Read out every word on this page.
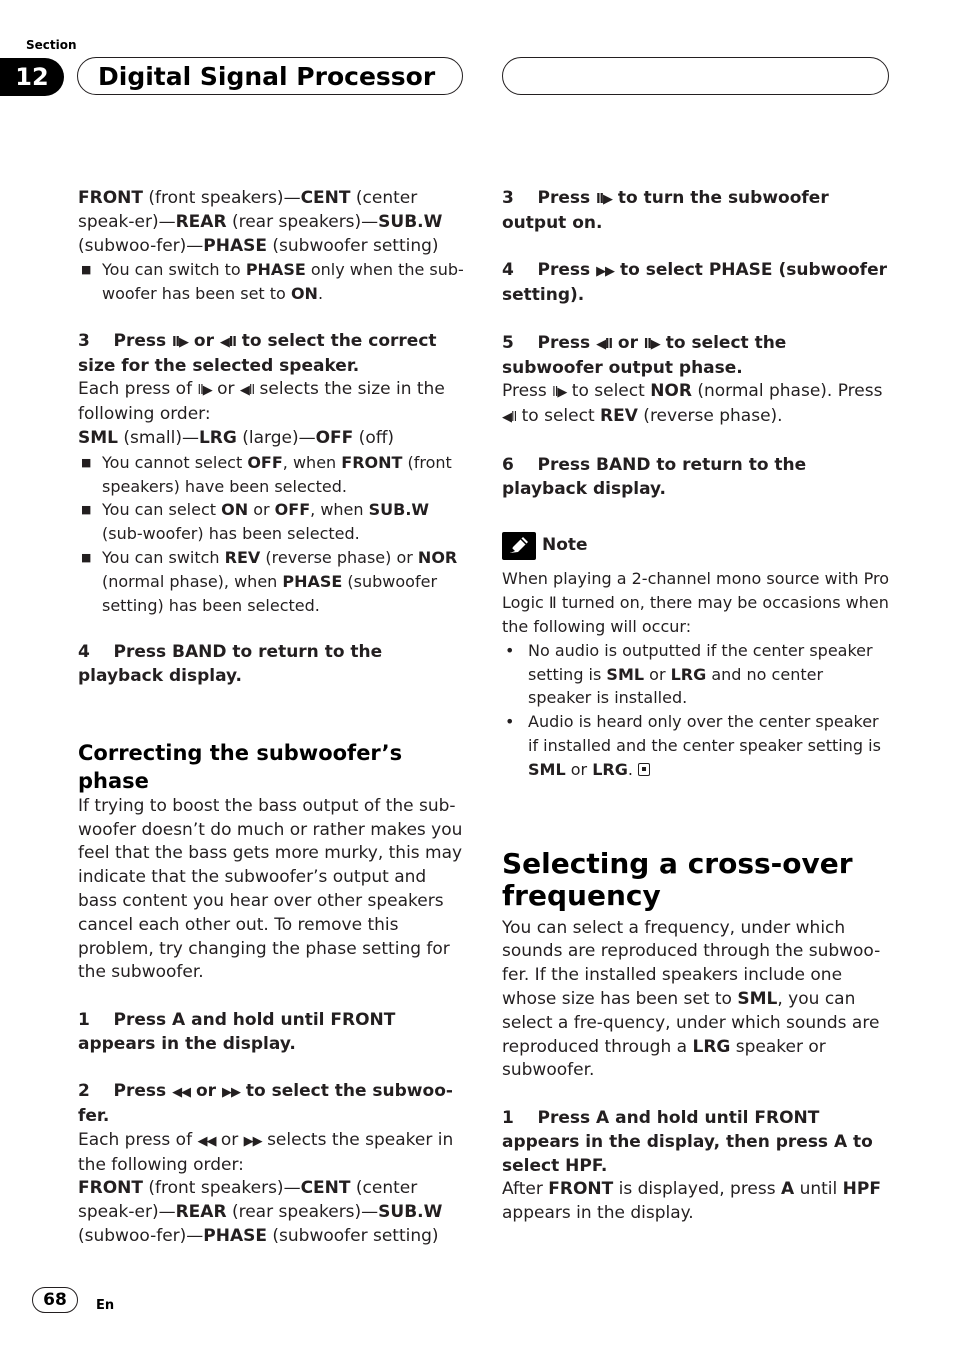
Section
12	Digital Signal Processor

FRONT (front speakers)—CENT (center speak-er)—REAR (rear speakers)—SUB.W (subwoo-fer)—PHASE (subwoofer setting)

■ You can switch to PHASE only when the sub-woofer has been set to ON.

3 Press ll▶ or ◀ll to select the correct size for the selected speaker.

Each press of ll▶ or ◀ll selects the size in the following order:

SML (small)—LRG (large)—OFF (off)

■ You cannot select OFF, when FRONT (front speakers) have been selected.

■ You can select ON or OFF, when SUB.W (sub-woofer) has been selected.

■ You can switch REV (reverse phase) or NOR (normal phase), when PHASE (subwoofer setting) has been selected.

4 Press BAND to return to the playback display.

Correcting the subwoofer’s phase

If trying to boost the bass output of the sub-woofer doesn’t do much or rather makes you feel that the bass gets more murky, this may indicate that the subwoofer’s output and bass content you hear over other speakers cancel each other out. To remove this problem, try changing the phase setting for the subwoofer.

1 Press A and hold until FRONT appears in the display.

2 Press ◀◀ or ▶▶ to select the subwoo-fer.

Each press of ◀◀ or ▶▶ selects the speaker in the following order:

FRONT (front speakers)—CENT (center speak-er)—REAR (rear speakers)—SUB.W (subwoo-fer)—PHASE (subwoofer setting)

3 Press ll▶ to turn the subwoofer output on.

4 Press ▶▶ to select PHASE (subwoofer setting).

5 Press ◀ll or ll▶ to select the subwoofer output phase.

Press ll▶ to select NOR (normal phase). Press ◀ll to select REV (reverse phase).

6 Press BAND to return to the playback display.

Note

When playing a 2-channel mono source with Pro Logic Ⅱ turned on, there may be occasions when the following will occur:

• No audio is outputted if the center speaker setting is SML or LRG and no center speaker is installed.

• Audio is heard only over the center speaker if installed and the center speaker setting is SML or LRG.

Selecting a cross-over frequency

You can select a frequency, under which sounds are reproduced through the subwoo-fer. If the installed speakers include one whose size has been set to SML, you can select a fre-quency, under which sounds are reproduced through a LRG speaker or subwoofer.

1 Press A and hold until FRONT appears in the display, then press A to select HPF.

After FRONT is displayed, press A until HPF appears in the display.

68	En
